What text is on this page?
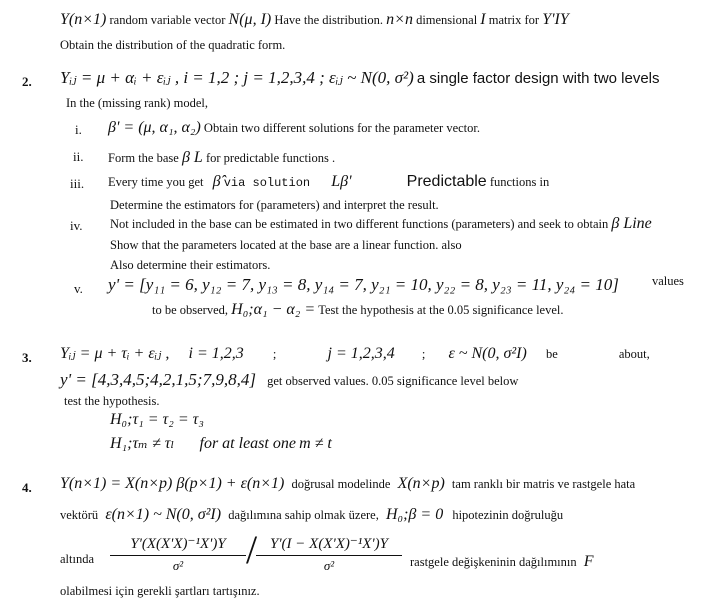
Y(n×1) random variable vector N(μ, I) Have the distribution. n×n dimensional I matrix for Y'IY
Obtain the distribution of the quadratic form.
2. Yᵢⱼ = μ + αᵢ + εᵢⱼ , i = 1,2 ; j = 1,2,3,4 ; εᵢⱼ ~ N(0, σ²) a single factor design with two levels
In the (missing rank) model,
i. β' = (μ, α₁, α₂) Obtain two different solutions for the parameter vector.
ii. Form the base β L for predictable functions .
iii. Every time you get β̂ via solution Lβ'	Predictable functions in
Determine the estimators for (parameters) and interpret the result.
iv. Not included in the base can be estimated in two different functions (parameters) and seek to obtain β Line
Show that the parameters located at the base are a linear function. also
Also determine their estimators.
v. y' = [y₁₁ = 6, y₁₂ = 7, y₁₃ = 8, y₁₄ = 7, y₂₁ = 10, y₂₂ = 8, y₂₃ = 11, y₂₄ = 10]	values
to be observed, H₀;α₁ − α₂ = Test the hypothesis at the 0.05 significance level.
3. Yᵢⱼ = μ + τᵢ + εᵢⱼ , i = 1,2,3 ;	j = 1,2,3,4 ; ε ~ N(0, σ²I) be	about,
y' = [4,3,4,5;4,2,1,5;7,9,8,4] get observed values. 0.05 significance level below
test the hypothesis.
H₀;τ₁ = τ₂ = τ₃
H₁;τₘ ≠ τₗ for at least one m ≠ t
4. Y(n×1) = X(n×p) β(p×1) + ε(n×1) doğrusal modelinde X(n×p) tam ranklı bir matris ve rastgele hata
vektörü ε(n×1) ~ N(0, σ²I) dağılımına sahip olmak üzere, H₀;β = 0 hipotezinin doğruluğu
altında
Y'(X(X'X)⁻¹X')Y
σ²	/ Y'(I − X(X'X)⁻¹X')Y
σ²	rastgele değişkeninin dağılımının F
olabilmesi için gerekli şartları tartışınız.
